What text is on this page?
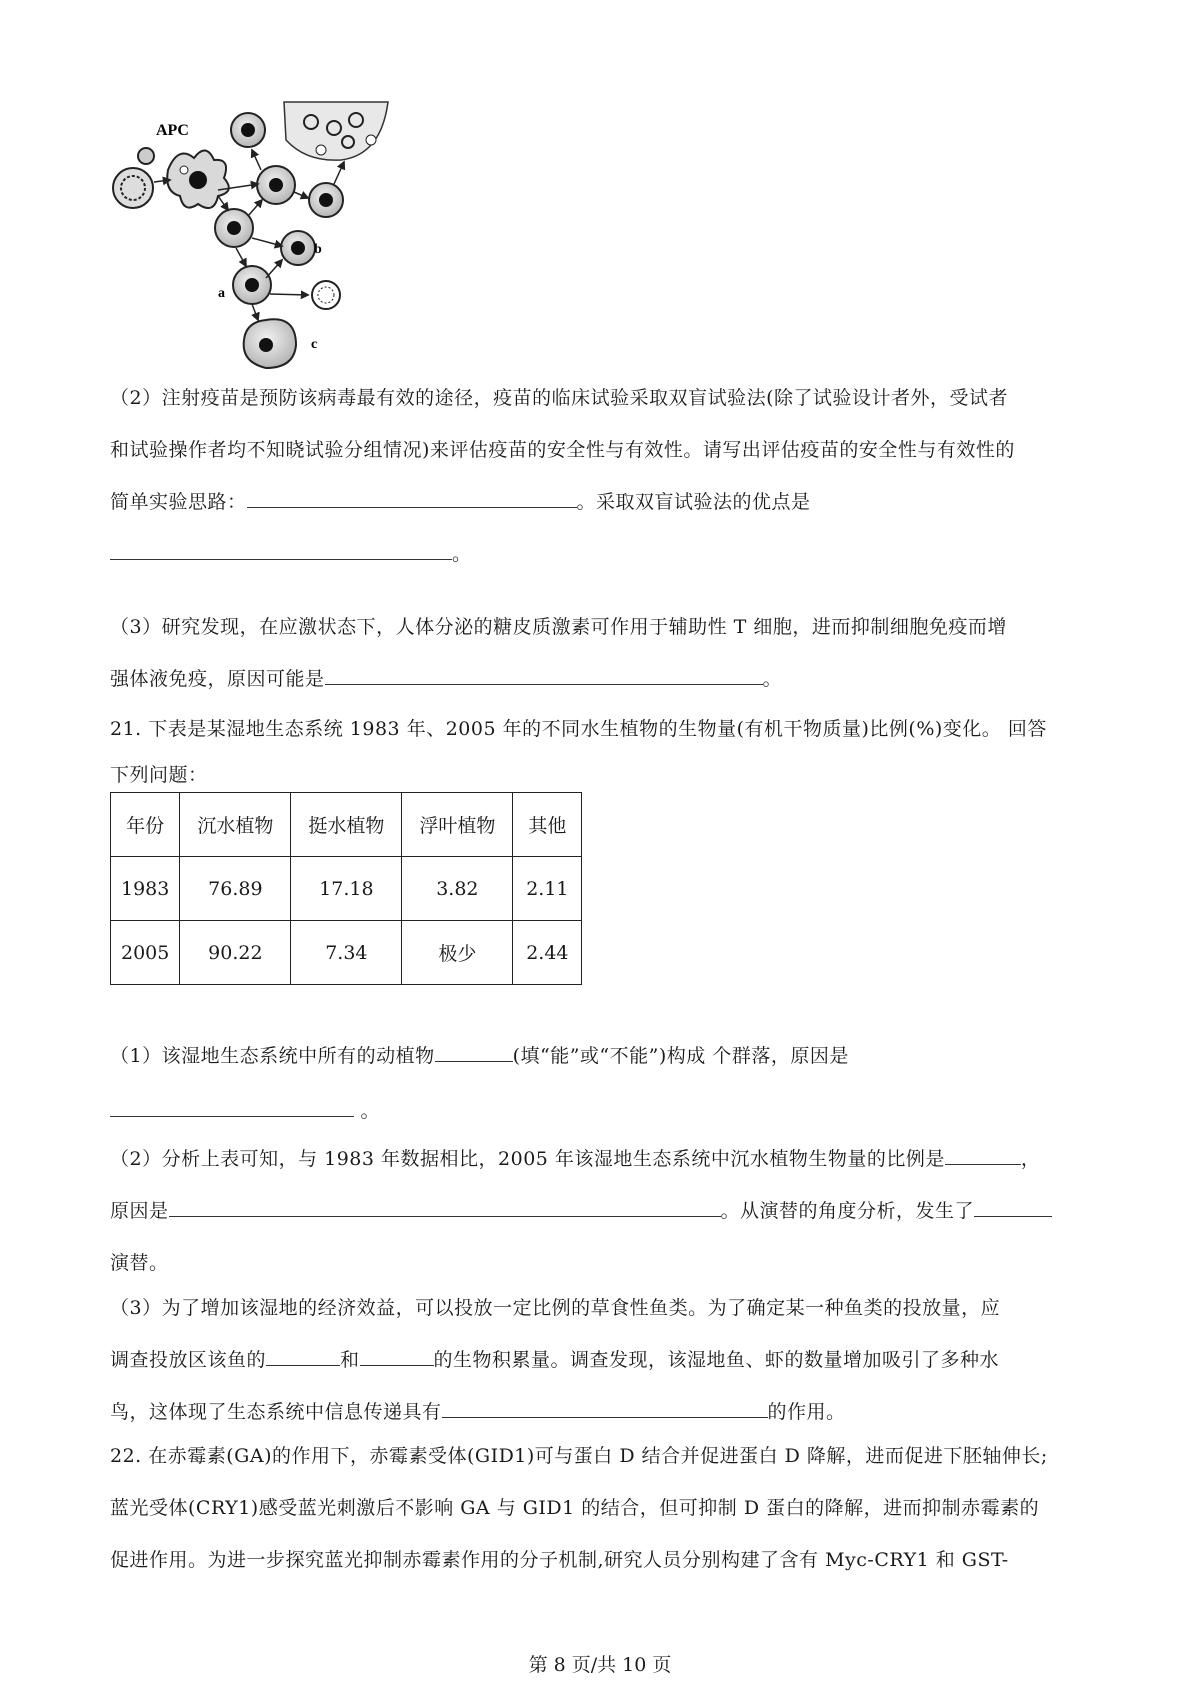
APC
b
a
c

（2）注射疫苗是预防该病毒最有效的途径，疫苗的临床试验采取双盲试验法(除了试验设计者外，受试者

和试验操作者均不知晓试验分组情况)来评估疫苗的安全性与有效性。请写出评估疫苗的安全性与有效性的

简单实验思路：	。采取双盲试验法的优点是

。

（3）研究发现，在应激状态下，人体分泌的糖皮质激素可作用于辅助性 T 细胞，进而抑制细胞免疫而增

强体液免疫，原因可能是	。

21. 下表是某湿地生态系统 1983 年、2005 年的不同水生植物的生物量(有机干物质量)比例(%)变化。 回答

下列问题：

年份	沉水植物	挺水植物	浮叶植物	其他
1983	76.89	17.18	3.82	2.11
2005	90.22	7.34	极少	2.44

（1）该湿地生态系统中所有的动植物	(填“能”或“不能”)构成 个群落，原因是

。

（2）分析上表可知，与 1983 年数据相比，2005 年该湿地生态系统中沉水植物生物量的比例是	，

原因是	。从演替的角度分析，发生了

演替。

（3）为了增加该湿地的经济效益，可以投放一定比例的草食性鱼类。为了确定某一种鱼类的投放量，应

调查投放区该鱼的	和	的生物积累量。调查发现，该湿地鱼、虾的数量增加吸引了多种水

鸟，这体现了生态系统中信息传递具有	的作用。

22. 在赤霉素(GA)的作用下，赤霉素受体(GID1)可与蛋白 D 结合并促进蛋白 D 降解，进而促进下胚轴伸长;

蓝光受体(CRY1)感受蓝光刺激后不影响 GA 与 GID1 的结合，但可抑制 D 蛋白的降解，进而抑制赤霉素的

促进作用。为进一步探究蓝光抑制赤霉素作用的分子机制,研究人员分别构建了含有 Myc-CRY1 和 GST-

第 8 页/共 10 页
